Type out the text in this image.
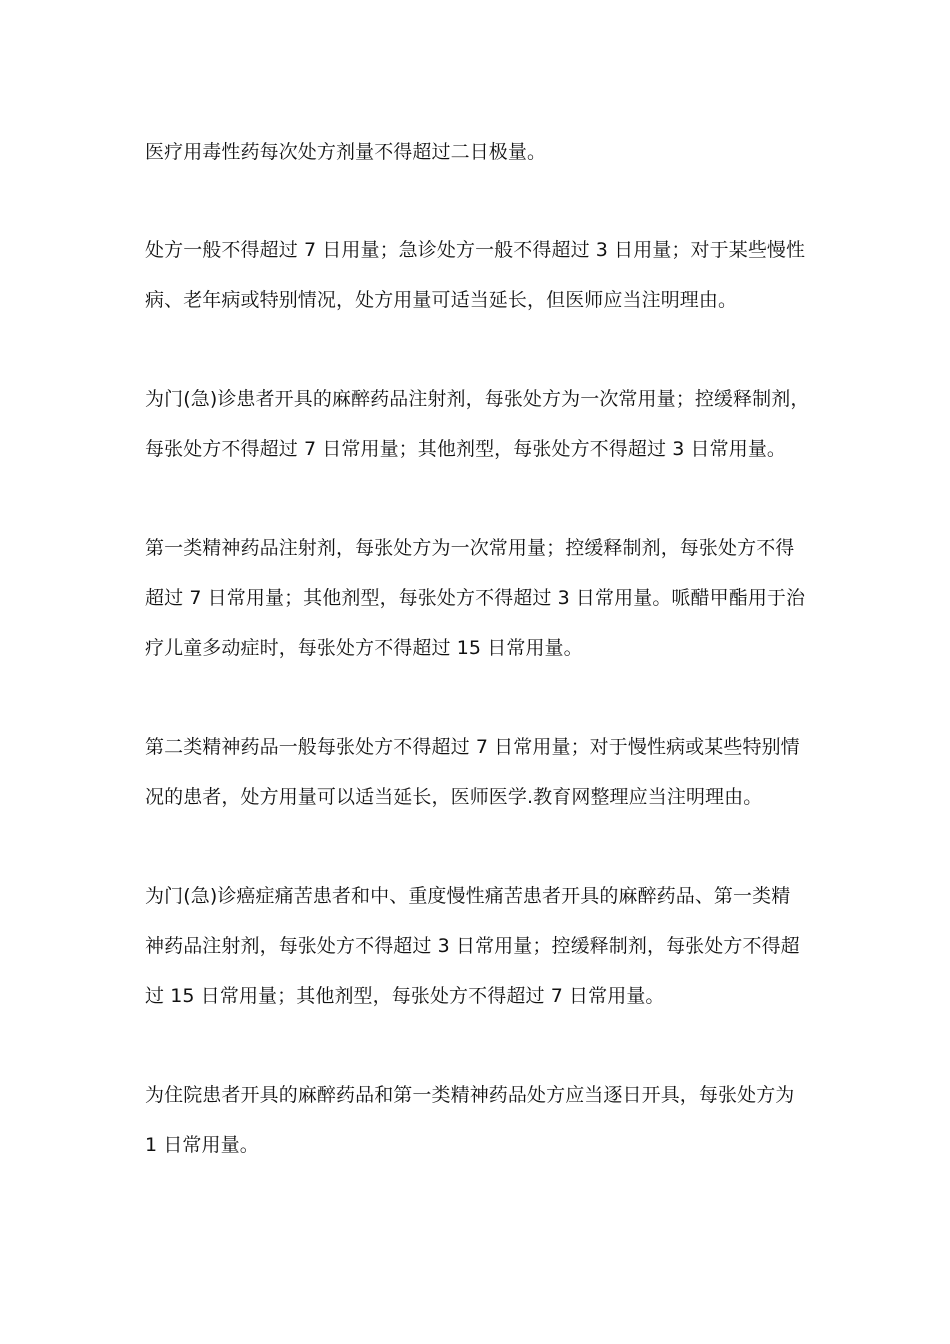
医疗用毒性药每次处方剂量不得超过二日极量。
处方一般不得超过 7 日用量；急诊处方一般不得超过 3 日用量；对于某些慢性
病、老年病或特别情况，处方用量可适当延长，但医师应当注明理由。
为门(急)诊患者开具的麻醉药品注射剂，每张处方为一次常用量；控缓释制剂，
每张处方不得超过 7 日常用量；其他剂型，每张处方不得超过 3 日常用量。
第一类精神药品注射剂，每张处方为一次常用量；控缓释制剂，每张处方不得
超过 7 日常用量；其他剂型，每张处方不得超过 3 日常用量。哌醋甲酯用于治
疗儿童多动症时，每张处方不得超过 15 日常用量。
第二类精神药品一般每张处方不得超过 7 日常用量；对于慢性病或某些特别情
况的患者，处方用量可以适当延长，医师医学.教育网整理应当注明理由。
为门(急)诊癌症痛苦患者和中、重度慢性痛苦患者开具的麻醉药品、第一类精
神药品注射剂，每张处方不得超过 3 日常用量；控缓释制剂，每张处方不得超
过 15 日常用量；其他剂型，每张处方不得超过 7 日常用量。
为住院患者开具的麻醉药品和第一类精神药品处方应当逐日开具，每张处方为
1 日常用量。
